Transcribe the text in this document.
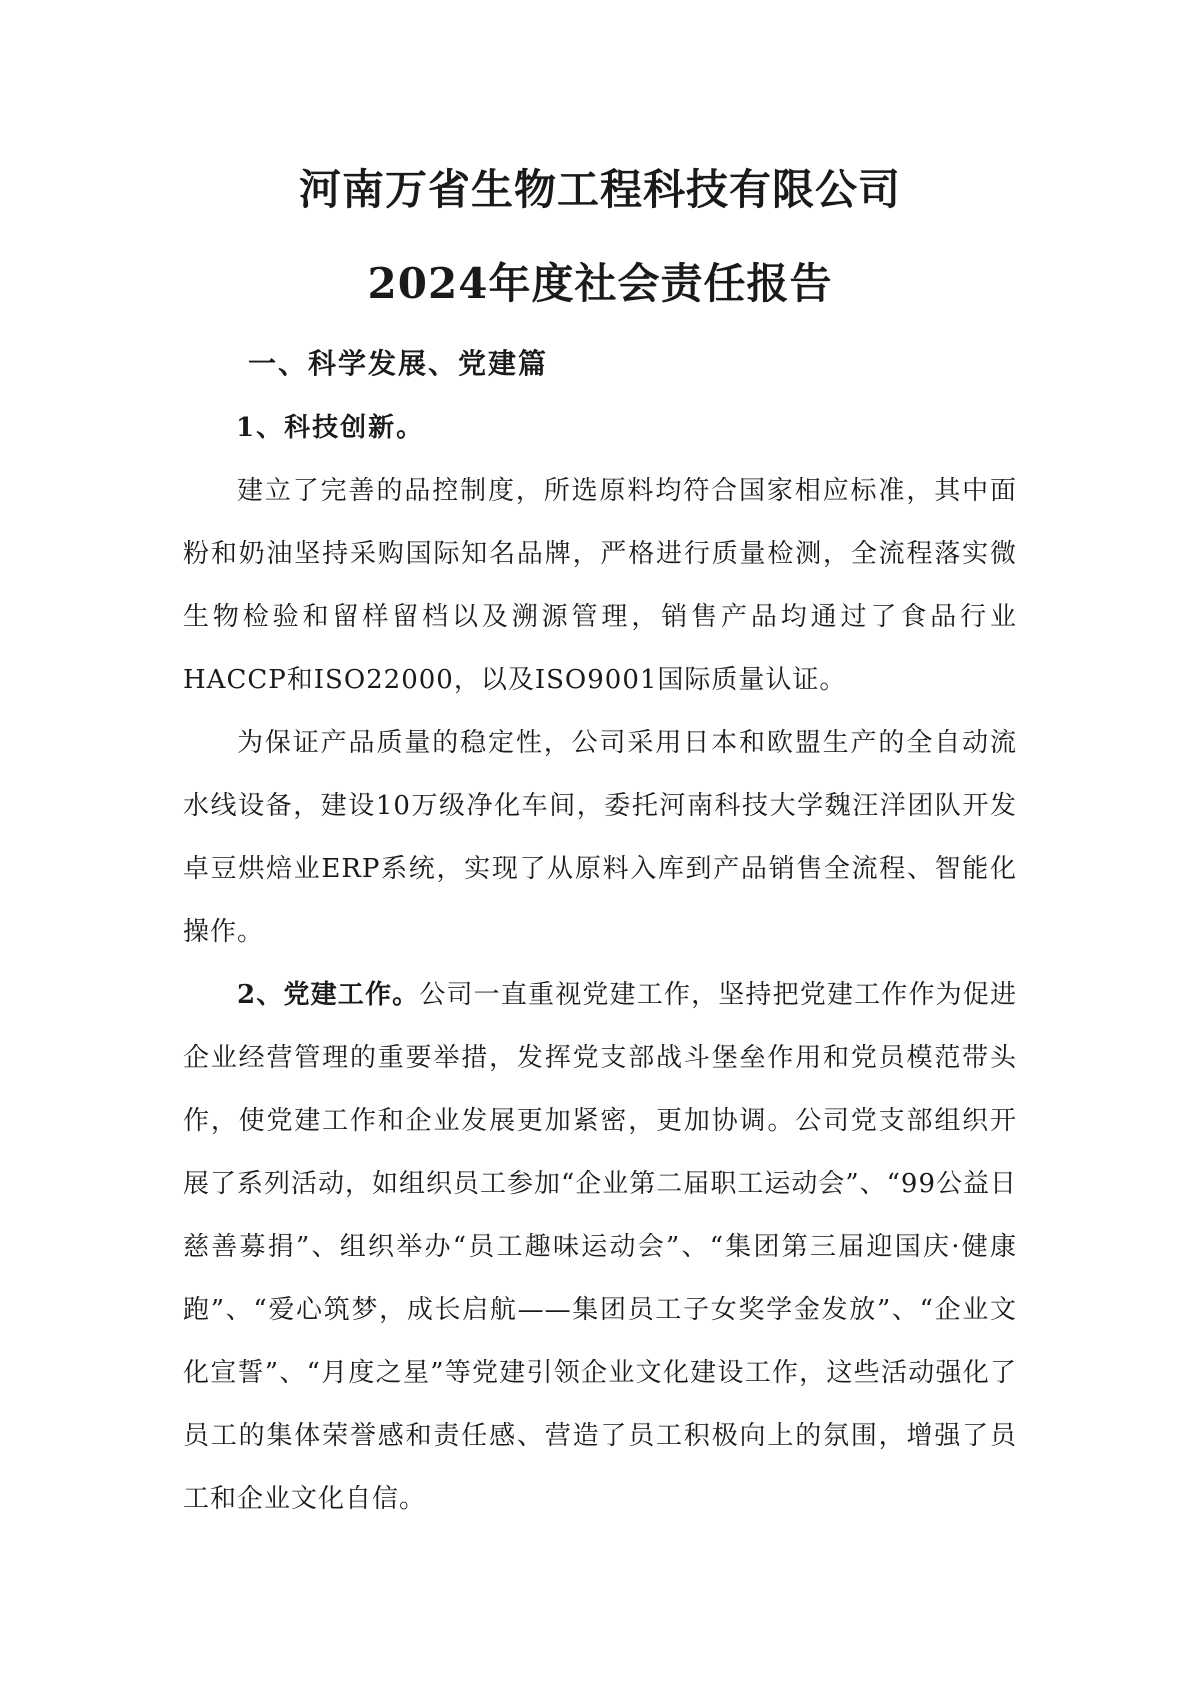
河南万省生物工程科技有限公司
2024年度社会责任报告
一、科学发展、党建篇
1、科技创新。
建立了完善的品控制度，所选原料均符合国家相应标准，其中面粉和奶油坚持采购国际知名品牌，严格进行质量检测，全流程落实微生物检验和留样留档以及溯源管理，销售产品均通过了食品行业HACCP和ISO22000，以及ISO9001国际质量认证。
为保证产品质量的稳定性，公司采用日本和欧盟生产的全自动流水线设备，建设10万级净化车间，委托河南科技大学魏汪洋团队开发卓豆烘焙业ERP系统，实现了从原料入库到产品销售全流程、智能化操作。
2、党建工作。公司一直重视党建工作，坚持把党建工作作为促进企业经营管理的重要举措，发挥党支部战斗堡垒作用和党员模范带头作，使党建工作和企业发展更加紧密，更加协调。公司党支部组织开展了系列活动，如组织员工参加“企业第二届职工运动会”、“99公益日慈善募捐”、组织举办“员工趣味运动会”、“集团第三届迎国庆·健康跑”、“爱心筑梦，成长启航——集团员工子女奖学金发放”、“企业文化宣誓”、“月度之星”等党建引领企业文化建设工作，这些活动强化了员工的集体荣誉感和责任感、营造了员工积极向上的氛围，增强了员工和企业文化自信。
